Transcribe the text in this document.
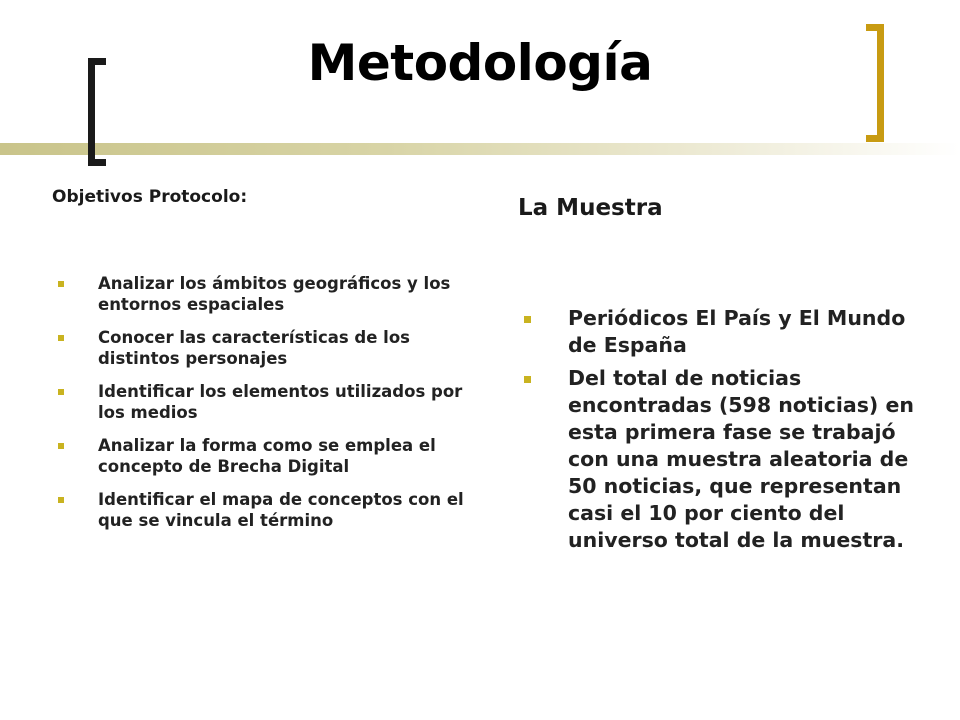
Metodología
Objetivos Protocolo:
Analizar los ámbitos geográficos y los entornos espaciales
Conocer las características de los distintos personajes
Identificar los elementos utilizados por los medios
Analizar la forma como se emplea el concepto de Brecha Digital
Identificar el mapa de conceptos con el que se vincula el término
La Muestra
Periódicos El País y El Mundo de España
Del total de noticias encontradas (598 noticias) en esta primera fase se trabajó con una muestra aleatoria de 50 noticias, que representan casi el 10 por ciento del universo total de la muestra.
